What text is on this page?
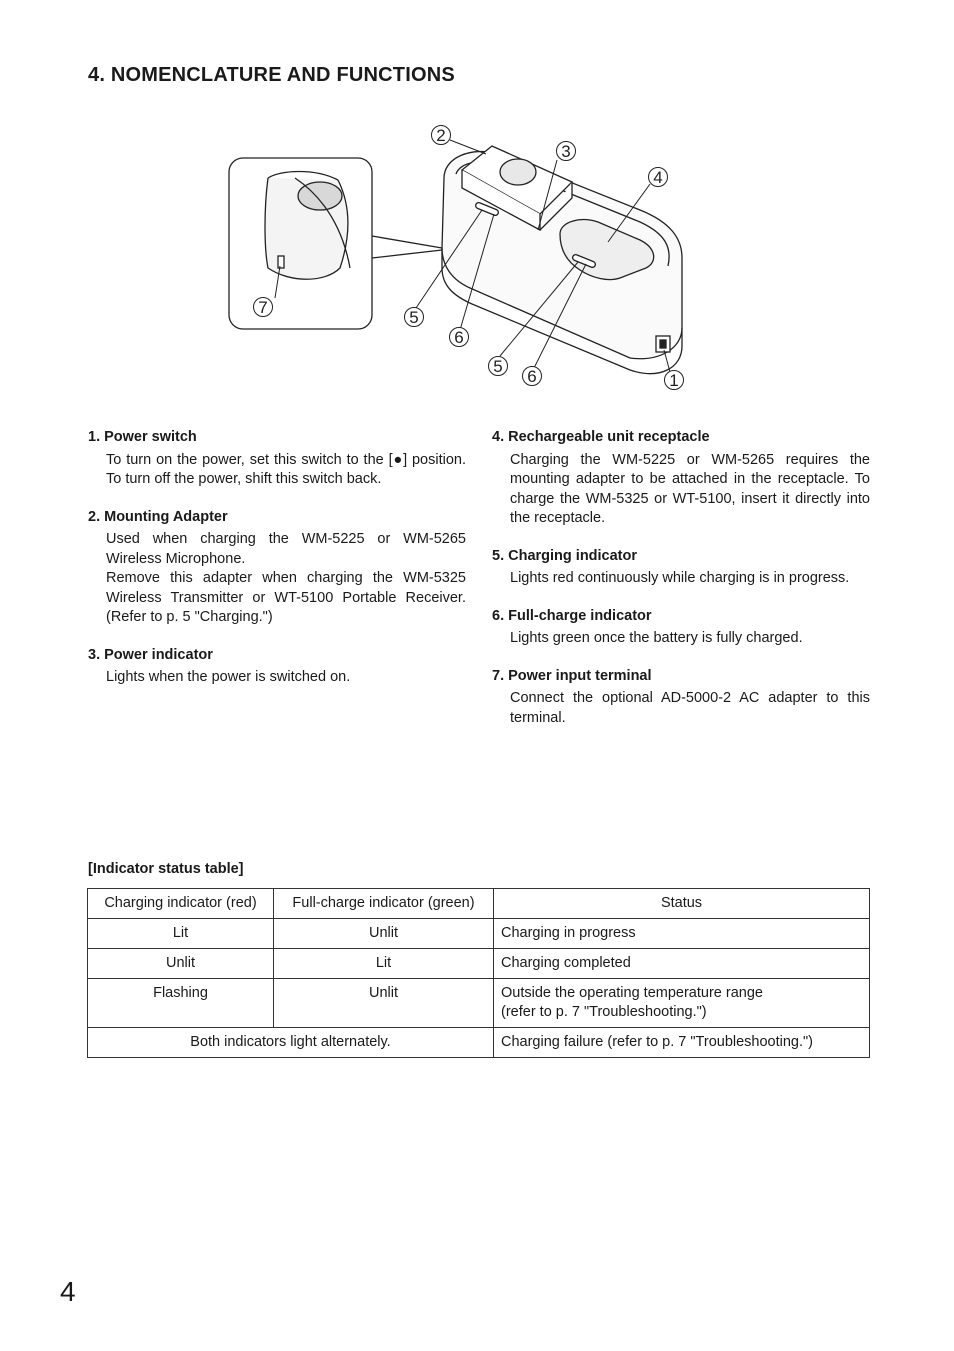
4. NOMENCLATURE AND FUNCTIONS
2
3
4
7
5
6
5
6	1
1. Power switch

To turn on the power, set this switch to the [●] position. To turn off the power, shift this switch back.

2. Mounting Adapter

Used when charging the WM-5225 or WM-5265 Wireless Microphone.

Remove this adapter when charging the WM-5325 Wireless Transmitter or WT-5100 Portable Receiver. (Refer to p. 5 "Charging.")

3. Power indicator

Lights when the power is switched on.

4. Rechargeable unit receptacle

Charging the WM-5225 or WM-5265 requires the mounting adapter to be attached in the receptacle. To charge the WM-5325 or WT-5100, insert it directly into the receptacle.

5. Charging indicator

Lights red continuously while charging is in progress.

6. Full-charge indicator

Lights green once the battery is fully charged.

7. Power input terminal

Connect the optional AD-5000-2 AC adapter to this terminal.

[Indicator status table]
Charging indicator (red)	Full-charge indicator (green)	Status
Lit	Unlit	Charging in progress
Unlit	Lit	Charging completed
Flashing	Unlit	Outside the operating temperature range
(refer to p. 7 "Troubleshooting.")

Both indicators light alternately.		Charging failure (refer to p. 7 "Troubleshooting.")
4
